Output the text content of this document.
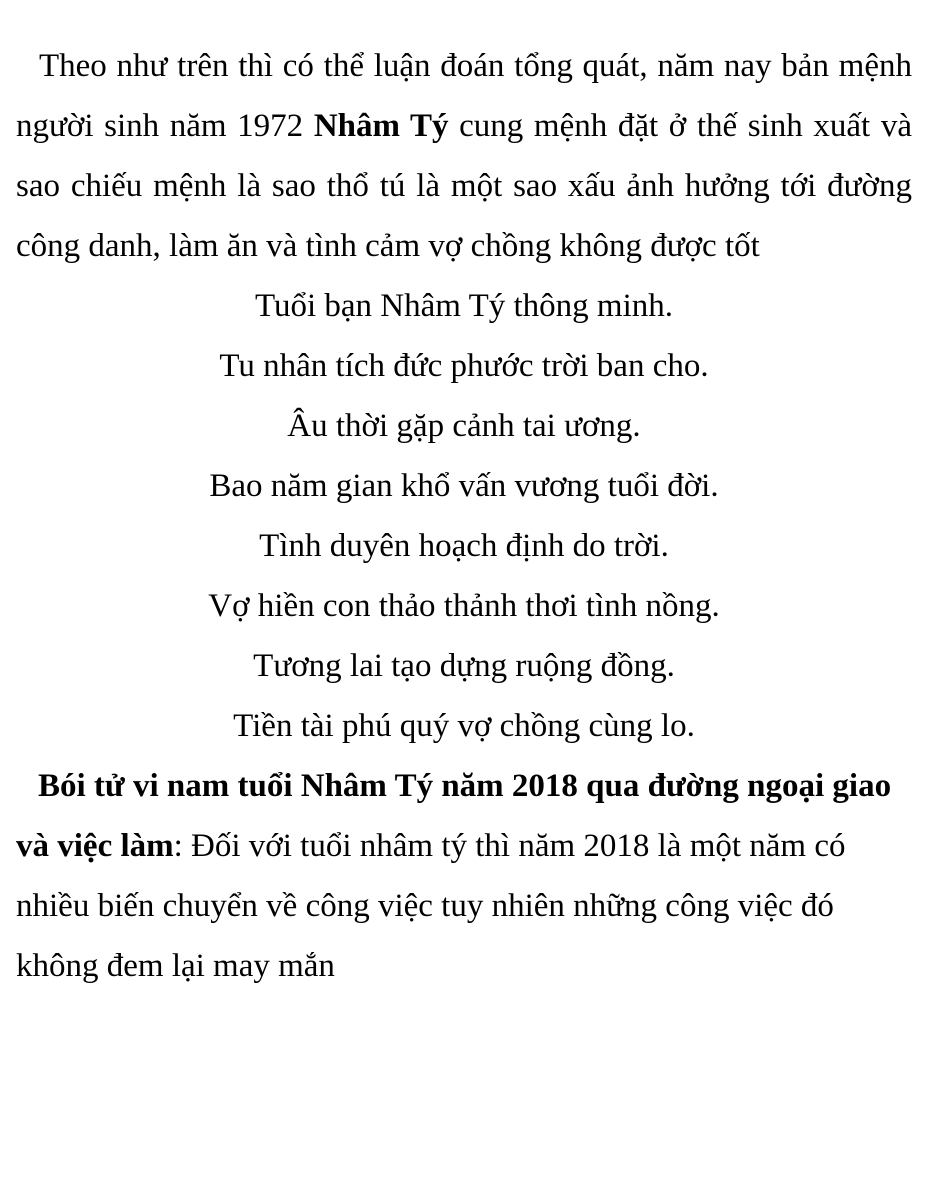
Theo như trên thì có thể luận đoán tổng quát, năm nay bản mệnh người sinh năm 1972 Nhâm Tý cung mệnh đặt ở thế sinh xuất và sao chiếu mệnh là sao thổ tú là một sao xấu ảnh hưởng tới đường công danh, làm ăn và tình cảm vợ chồng không được tốt

Tuổi bạn Nhâm Tý thông minh.
Tu nhân tích đức phước trời ban cho.
Âu thời gặp cảnh tai ương.
Bao năm gian khổ vấn vương tuổi đời.
Tình duyên hoạch định do trời.
Vợ hiền con thảo thảnh thơi tình nồng.
Tương lai tạo dựng ruộng đồng.
Tiền tài phú quý vợ chồng cùng lo.

Bói tử vi nam tuổi Nhâm Tý năm 2018 qua đường ngoại giao và việc làm: Đối với tuổi nhâm tý thì năm 2018 là một năm có nhiều biến chuyển về công việc tuy nhiên những công việc đó không đem lại may mắn
